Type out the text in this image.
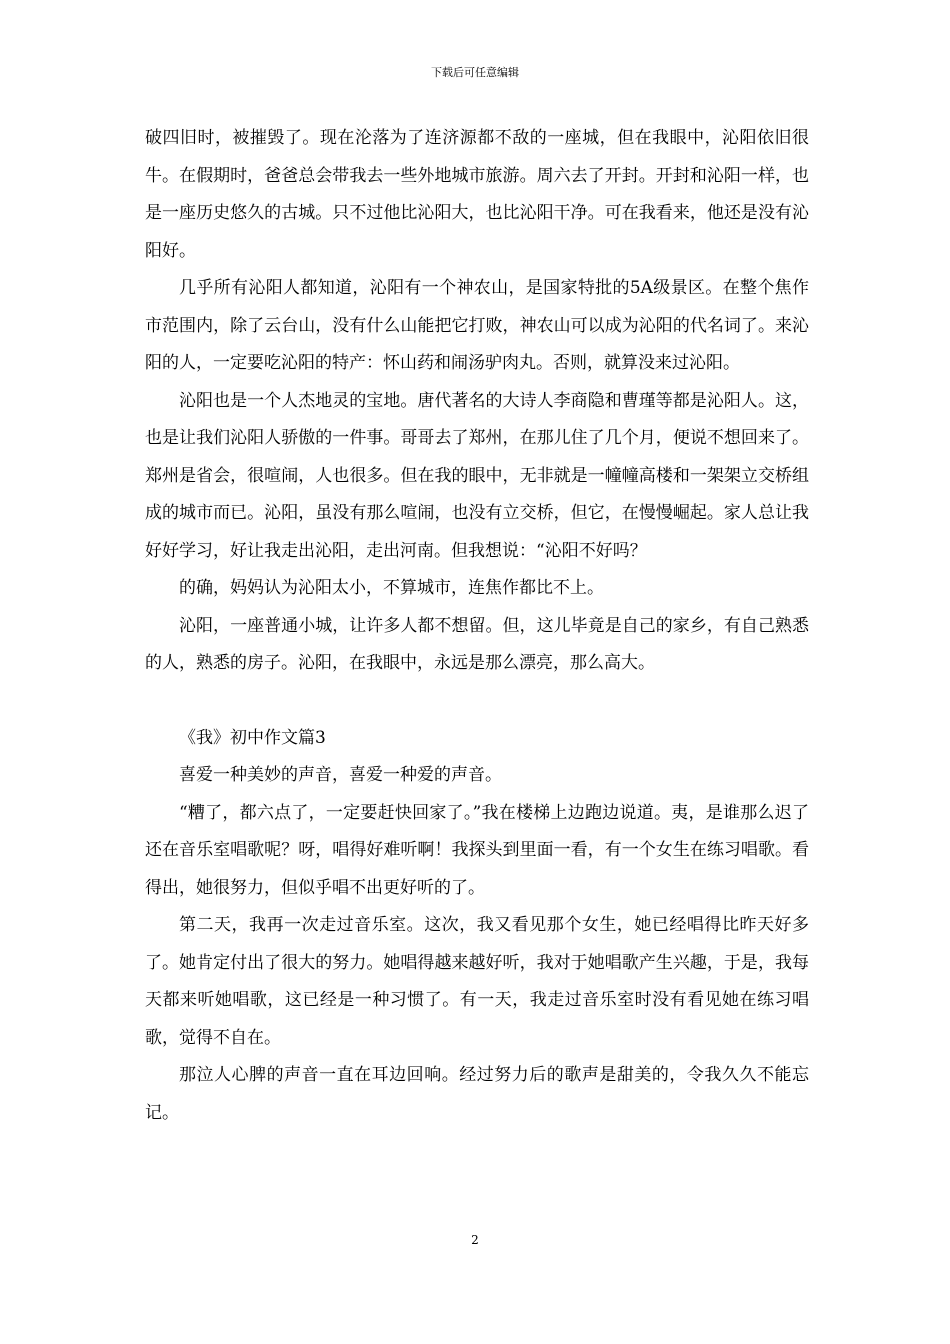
下载后可任意编辑

破四旧时，被摧毁了。现在沦落为了连济源都不敌的一座城，但在我眼中，沁阳依旧很牛。在假期时，爸爸总会带我去一些外地城市旅游。周六去了开封。开封和沁阳一样，也是一座历史悠久的古城。只不过他比沁阳大，也比沁阳干净。可在我看来，他还是没有沁阳好。

几乎所有沁阳人都知道，沁阳有一个神农山，是国家特批的5A级景区。在整个焦作市范围内，除了云台山，没有什么山能把它打败，神农山可以成为沁阳的代名词了。来沁阳的人，一定要吃沁阳的特产：怀山药和闹汤驴肉丸。否则，就算没来过沁阳。

沁阳也是一个人杰地灵的宝地。唐代著名的大诗人李商隐和曹瑾等都是沁阳人。这，也是让我们沁阳人骄傲的一件事。哥哥去了郑州，在那儿住了几个月，便说不想回来了。郑州是省会，很喧闹，人也很多。但在我的眼中，无非就是一幢幢高楼和一架架立交桥组成的城市而已。沁阳，虽没有那么喧闹，也没有立交桥，但它，在慢慢崛起。家人总让我好好学习，好让我走出沁阳，走出河南。但我想说：“沁阳不好吗？

的确，妈妈认为沁阳太小，不算城市，连焦作都比不上。

沁阳，一座普通小城，让许多人都不想留。但，这儿毕竟是自己的家乡，有自己熟悉的人，熟悉的房子。沁阳，在我眼中，永远是那么漂亮，那么高大。

《我》初中作文篇3

喜爱一种美妙的声音，喜爱一种爱的声音。

“糟了，都六点了，一定要赶快回家了。”我在楼梯上边跑边说道。夷，是谁那么迟了还在音乐室唱歌呢？呀，唱得好难听啊！我探头到里面一看，有一个女生在练习唱歌。看得出，她很努力，但似乎唱不出更好听的了。

第二天，我再一次走过音乐室。这次，我又看见那个女生，她已经唱得比昨天好多了。她肯定付出了很大的努力。她唱得越来越好听，我对于她唱歌产生兴趣，于是，我每天都来听她唱歌，这已经是一种习惯了。有一天，我走过音乐室时没有看见她在练习唱歌，觉得不自在。

那泣人心脾的声音一直在耳边回响。经过努力后的歌声是甜美的，令我久久不能忘记。

2
